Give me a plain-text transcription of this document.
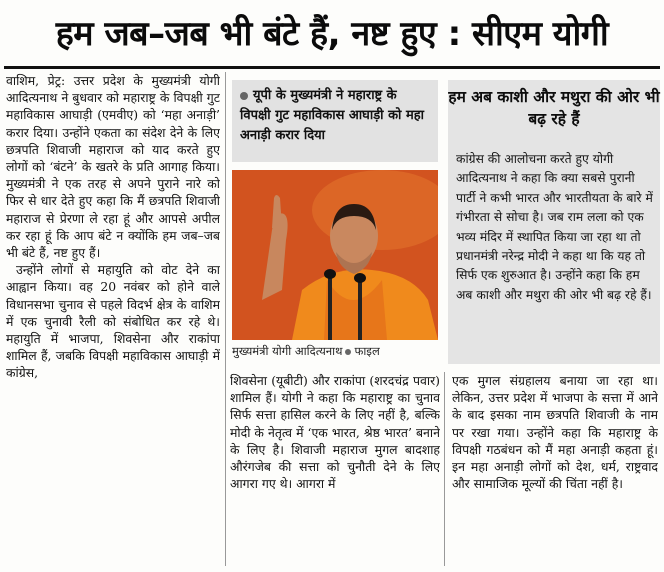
हम जब–जब भी बंटे हैं, नष्ट हुए : सीएम योगी

वाशिम, प्रेट्र: उत्तर प्रदेश के मुख्यमंत्री योगी आदित्यनाथ ने बुधवार को महाराष्ट्र के विपक्षी गुट महाविकास आघाड़ी (एमवीए) को ‘महा अनाड़ी’ करार दिया। उन्होंने एकता का संदेश देने के लिए छत्रपति शिवाजी महाराज को याद करते हुए लोगों को ‘बंटने’ के खतरे के प्रति आगाह किया। मुख्यमंत्री ने एक तरह से अपने पुराने नारे को फिर से धार देते हुए कहा कि मैं छत्रपति शिवाजी महाराज से प्रेरणा ले रहा हूं और आपसे अपील कर रहा हूं कि आप बंटे न क्योंकि हम जब–जब भी बंटे हैं, नष्ट हुए हैं।

उन्होंने लोगों से महायुति को वोट देने का आह्वान किया। वह 20 नवंबर को होने वाले विधानसभा चुनाव से पहले विदर्भ क्षेत्र के वाशिम में एक चुनावी रैली को संबोधित कर रहे थे। महायुति में भाजपा, शिवसेना और राकांपा शामिल हैं, जबकि विपक्षी महाविकास आघाड़ी में कांग्रेस,

यूपी के मुख्यमंत्री ने महाराष्ट्र के विपक्षी गुट महाविकास आघाड़ी को महा अनाड़ी करार दिया
मुख्यमंत्री योगी आदित्यनाथ फाइल

शिवसेना (यूबीटी) और राकांपा (शरदचंद्र पवार) शामिल हैं। योगी ने कहा कि महाराष्ट्र का चुनाव सिर्फ सत्ता हासिल करने के लिए नहीं है, बल्कि मोदी के नेतृत्व में ‘एक भारत, श्रेष्ठ भारत’ बनाने के लिए है। शिवाजी महाराज मुगल बादशाह औरंगजेब की सत्ता को चुनौती देने के लिए आगरा गए थे। आगरा में

एक मुगल संग्रहालय बनाया जा रहा था। लेकिन, उत्तर प्रदेश में भाजपा के सत्ता में आने के बाद इसका नाम छत्रपति शिवाजी के नाम पर रखा गया। उन्होंने कहा कि महाराष्ट्र के विपक्षी गठबंधन को मैं महा अनाड़ी कहता हूं। इन महा अनाड़ी लोगों को देश, धर्म, राष्ट्रवाद और सामाजिक मूल्यों की चिंता नहीं है।

हम अब काशी और मथुरा की ओर भी बढ़ रहे हैं

कांग्रेस की आलोचना करते हुए योगी आदित्यनाथ ने कहा कि क्या सबसे पुरानी पार्टी ने कभी भारत और भारतीयता के बारे में गंभीरता से सोचा है। जब राम लला को एक भव्य मंदिर में स्थापित किया जा रहा था तो प्रधानमंत्री नरेन्द्र मोदी ने कहा था कि यह तो सिर्फ एक शुरुआत है। उन्होंने कहा कि हम अब काशी और मथुरा की ओर भी बढ़ रहे हैं।
